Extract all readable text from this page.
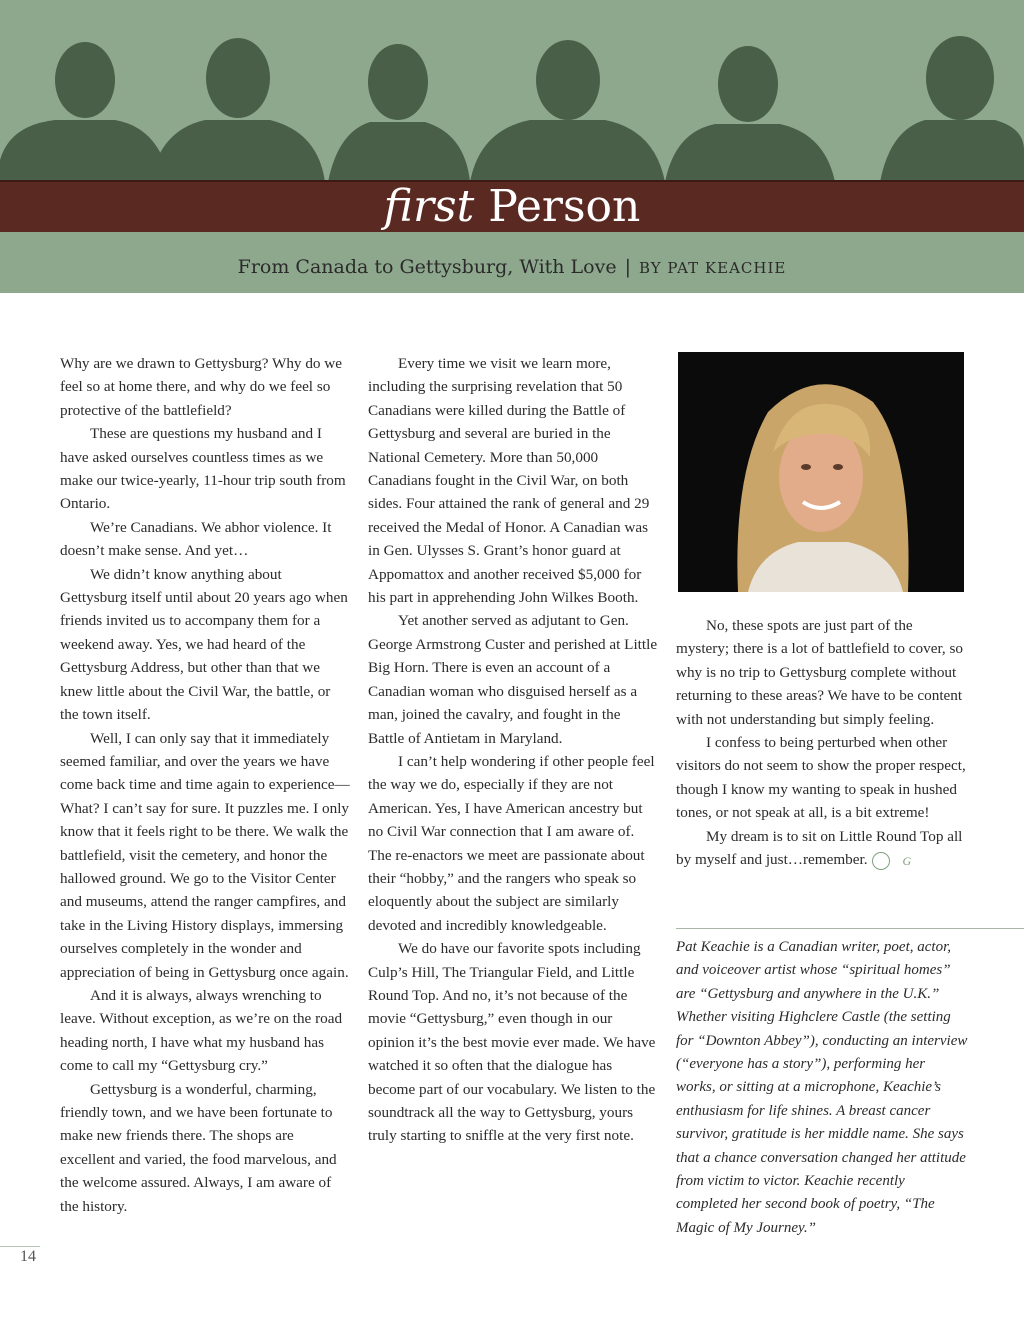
first Person
From Canada to Gettysburg, With Love | BY PAT KEACHIE

Why are we drawn to Gettysburg? Why do we feel so at home there, and why do we feel so protective of the battlefield?

These are questions my husband and I have asked ourselves countless times as we make our twice-yearly, 11-hour trip south from Ontario.

We’re Canadians. We abhor violence. It doesn’t make sense. And yet…

We didn’t know anything about Gettysburg itself until about 20 years ago when friends invited us to accompany them for a weekend away. Yes, we had heard of the Gettysburg Address, but other than that we knew little about the Civil War, the battle, or the town itself.

Well, I can only say that it immediately seemed familiar, and over the years we have come back time and time again to experience—What? I can’t say for sure. It puzzles me. I only know that it feels right to be there. We walk the battlefield, visit the cemetery, and honor the hallowed ground. We go to the Visitor Center and museums, attend the ranger campfires, and take in the Living History displays, immersing ourselves completely in the wonder and appreciation of being in Gettysburg once again.

And it is always, always wrenching to leave. Without exception, as we’re on the road heading north, I have what my husband has come to call my “Gettysburg cry.”

Gettysburg is a wonderful, charming, friendly town, and we have been fortunate to make new friends there. The shops are excellent and varied, the food marvelous, and the welcome assured. Always, I am aware of the history.

Every time we visit we learn more, including the surprising revelation that 50 Canadians were killed during the Battle of Gettysburg and several are buried in the National Cemetery. More than 50,000 Canadians fought in the Civil War, on both sides. Four attained the rank of general and 29 received the Medal of Honor. A Canadian was in Gen. Ulysses S. Grant’s honor guard at Appomattox and another received $5,000 for his part in apprehending John Wilkes Booth.

Yet another served as adjutant to Gen. George Armstrong Custer and perished at Little Big Horn. There is even an account of a Canadian woman who disguised herself as a man, joined the cavalry, and fought in the Battle of Antietam in Maryland.

I can’t help wondering if other people feel the way we do, especially if they are not American. Yes, I have American ancestry but no Civil War connection that I am aware of. The re-enactors we meet are passionate about their “hobby,” and the rangers who speak so eloquently about the subject are similarly devoted and incredibly knowledgeable.

We do have our favorite spots including Culp’s Hill, The Triangular Field, and Little Round Top. And no, it’s not because of the movie “Gettysburg,” even though in our opinion it’s the best movie ever made. We have watched it so often that the dialogue has become part of our vocabulary. We listen to the soundtrack all the way to Gettysburg, yours truly starting to sniffle at the very first note.

No, these spots are just part of the mystery; there is a lot of battlefield to cover, so why is no trip to Gettysburg complete without returning to these areas? We have to be content with not understanding but simply feeling.

I confess to being perturbed when other visitors do not seem to show the proper respect, though I know my wanting to speak in hushed tones, or not speak at all, is a bit extreme!

My dream is to sit on Little Round Top all by myself and just…remember.	G

Pat Keachie is a Canadian writer, poet, actor, and voiceover artist whose “spiritual homes” are “Gettysburg and anywhere in the U.K.” Whether visiting Highclere Castle (the setting for “Downton Abbey”), conducting an interview (“everyone has a story”), performing her works, or sitting at a microphone, Keachie’s enthusiasm for life shines. A breast cancer survivor, gratitude is her middle name. She says that a chance conversation changed her attitude from victim to victor. Keachie recently completed her second book of poetry, “The Magic of My Journey.”
14
